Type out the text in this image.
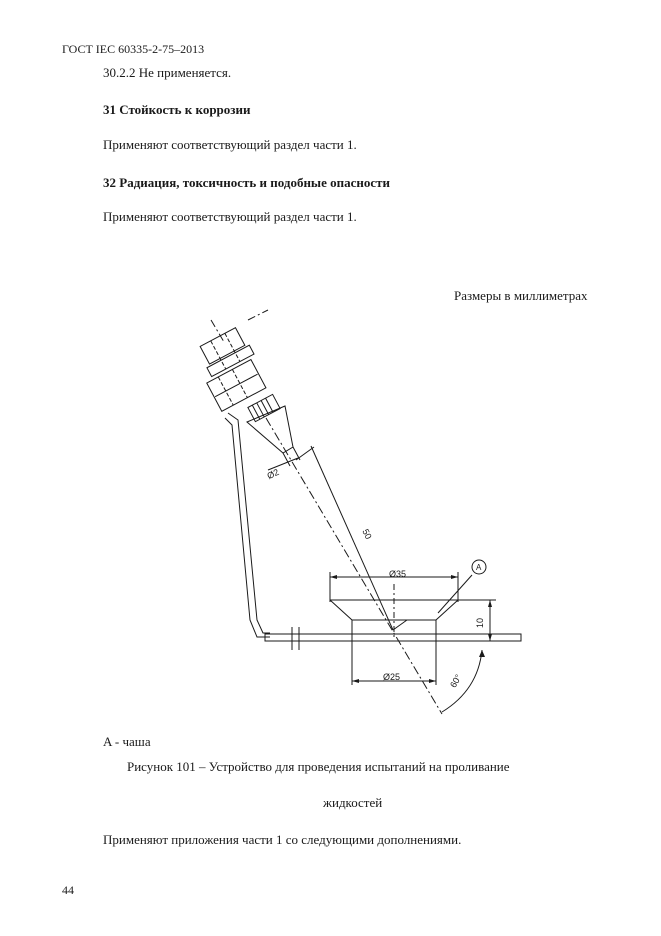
ГОСТ IEC 60335-2-75–2013
30.2.2 Не применяется.
31 Стойкость к коррозии
Применяют соответствующий раздел части 1.
32 Радиация, токсичность и подобные опасности
Применяют соответствующий раздел части 1.
Размеры в миллиметрах
Ø2
50
Ø35
A
10
Ø25	60°
A - чаша
Рисунок 101 – Устройство для проведения испытаний на проливание
жидкостей
Применяют приложения части 1 со следующими дополнениями.
44
